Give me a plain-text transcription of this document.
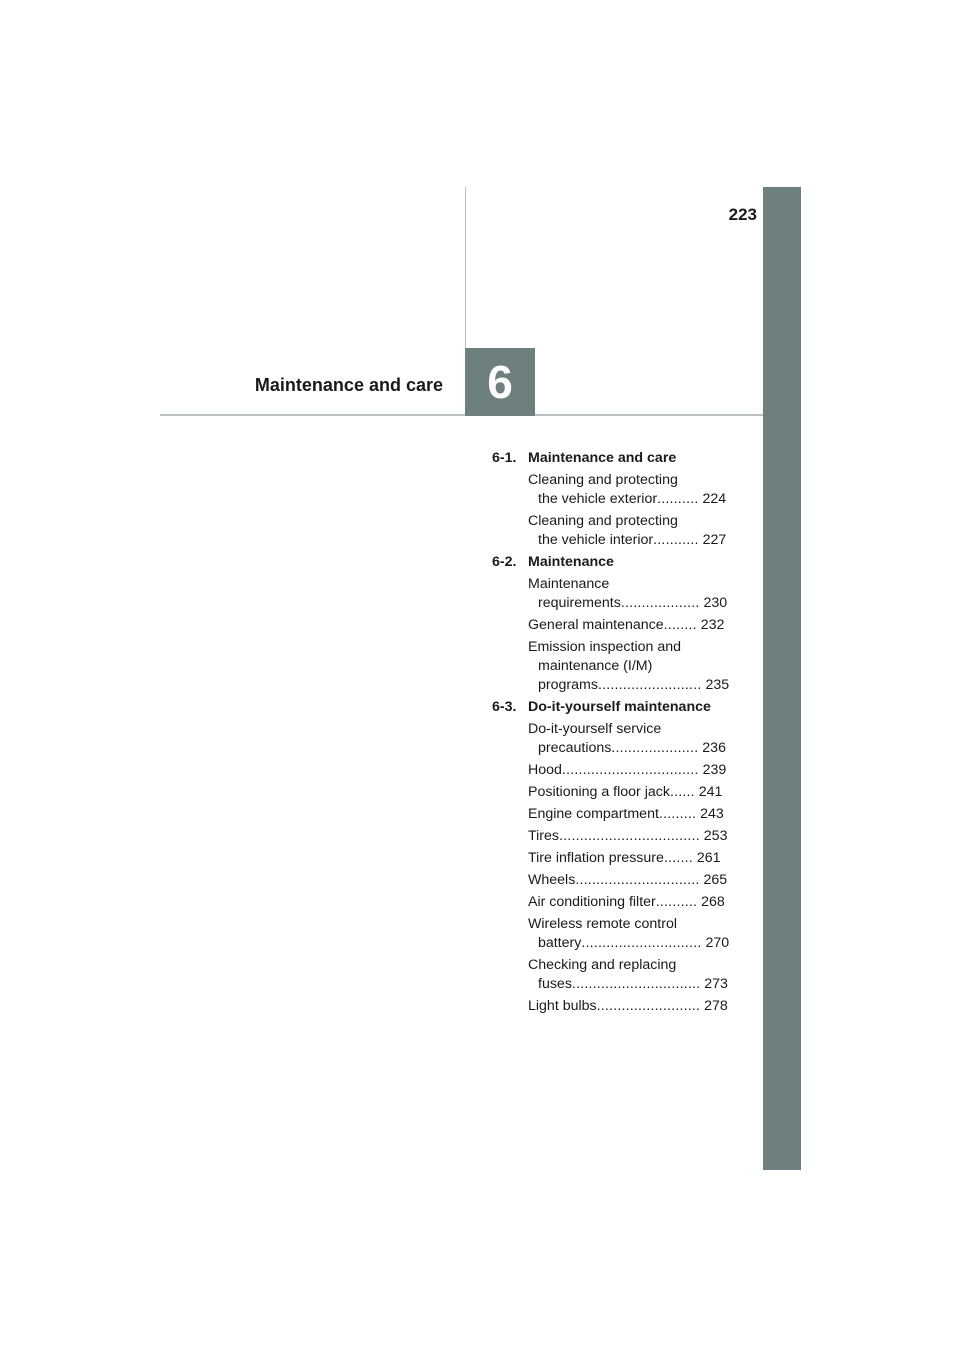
223
Maintenance and care 6
6-1. Maintenance and care
Cleaning and protecting
the vehicle exterior.......... 224
Cleaning and protecting
the vehicle interior........... 227
6-2. Maintenance
Maintenance
requirements................... 230
General maintenance........ 232
Emission inspection and
maintenance (I/M)
programs......................... 235
6-3. Do-it-yourself maintenance
Do-it-yourself service
precautions..................... 236
Hood................................. 239
Positioning a floor jack...... 241
Engine compartment......... 243
Tires.................................. 253
Tire inflation pressure....... 261
Wheels.............................. 265
Air conditioning filter.......... 268
Wireless remote control
battery............................. 270
Checking and replacing
fuses............................... 273
Light bulbs......................... 278
